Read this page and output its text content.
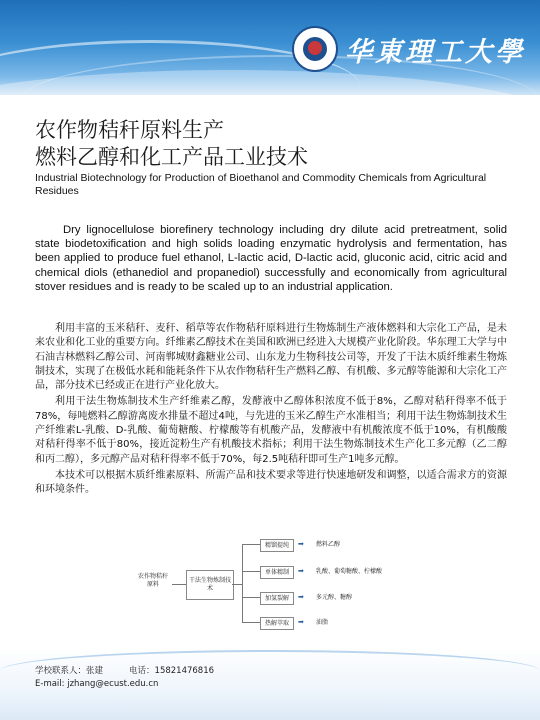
华東理工大學
农作物秸秆原料生产
燃料乙醇和化工产品工业技术
Industrial Biotechnology for Production of Bioethanol and Commodity Chemicals from Agricultural Residues

Dry lignocellulose biorefinery technology including dry dilute acid pretreatment, solid state biodetoxification and high solids loading enzymatic hydrolysis and fermentation, has been applied to produce fuel ethanol, L-lactic acid, D-lactic acid, gluconic acid, citric acid and chemical diols (ethanediol and propanediol) successfully and economically from agricultural stover residues and is ready to be scaled up to an industrial application.

利用丰富的玉米秸秆、麦秆、稻草等农作物秸秆原料进行生物炼制生产液体燃料和大宗化工产品，是未来农业和化工业的重要方向。纤维素乙醇技术在美国和欧洲已经进入大规模产业化阶段。华东理工大学与中石油吉林燃料乙醇公司、河南郸城财鑫糖业公司、山东龙力生物科技公司等，开发了干法木质纤维素生物炼制技术，实现了在极低水耗和能耗条件下从农作物秸秆生产燃料乙醇、有机酸、多元醇等能源和大宗化工产品，部分技术已经或正在进行产业化放大。

利用干法生物炼制技术生产纤维素乙醇，发酵液中乙醇体积浓度不低于8%，乙醇对秸秆得率不低于78%，每吨燃料乙醇游离废水排量不超过4吨，与先进的玉米乙醇生产水准相当；利用干法生物炼制技术生产纤维素L-乳酸、D-乳酸、葡萄糖酸、柠檬酸等有机酸产品，发酵液中有机酸浓度不低于10%，有机酸酸对秸秆得率不低于80%，接近淀粉生产有机酸技术指标；利用干法生物炼制技术生产化工多元醇（乙二醇和丙二醇），多元醇产品对秸秆得率不低于70%，每2.5吨秸秆即可生产1吨多元醇。

本技术可以根据木质纤维素原料、所需产品和技术要求等进行快速地研发和调整，以适合需求方的资源和环境条件。

农作物秸秆原料
干法生物炼制技术
精馏提纯
单体精制
加氢裂解
热解萃取
➡
➡
➡
➡
燃料乙醇
乳酸、葡萄糖酸、柠檬酸
多元醇、糖醇
油脂
学校联系人：张建	电话：15821476816
E-mail: jzhang@ecust.edu.cn
